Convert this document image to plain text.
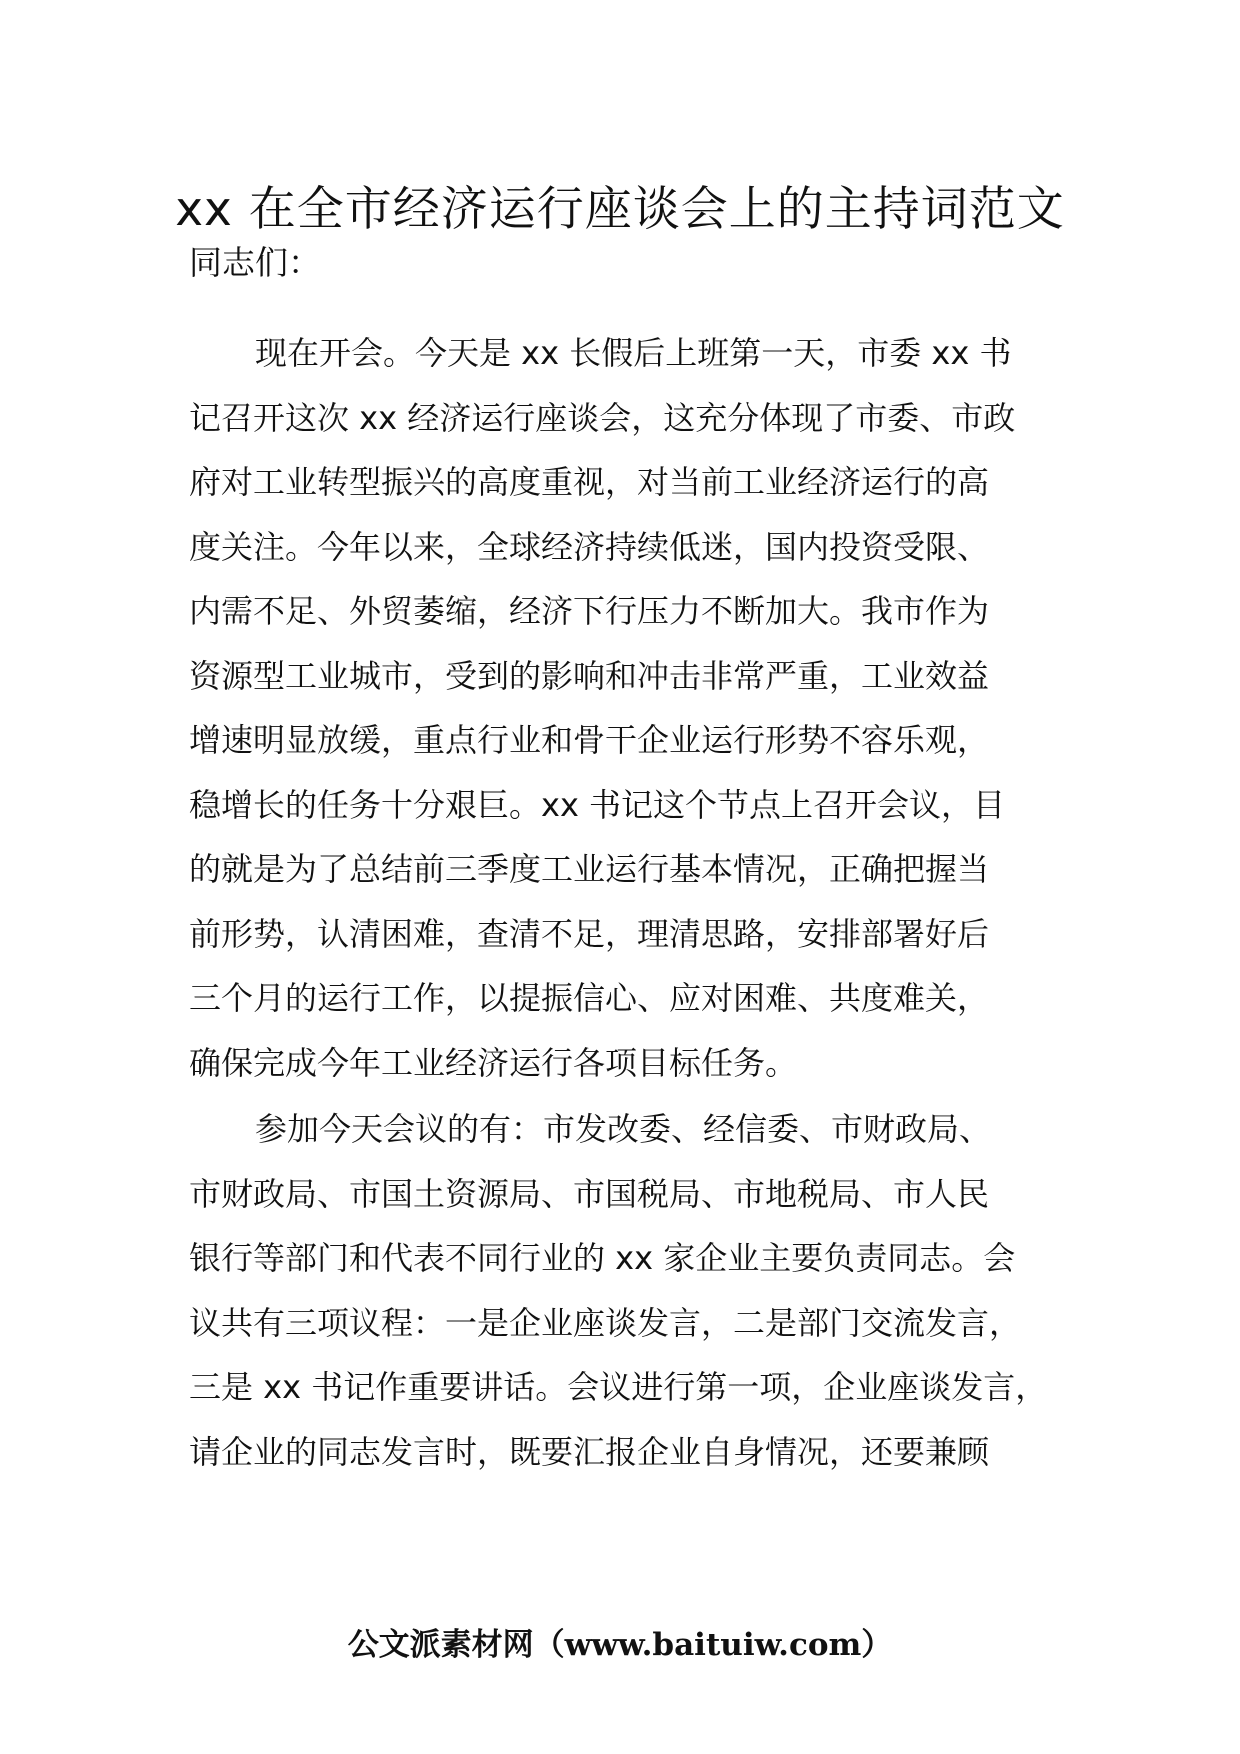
xx 在全市经济运行座谈会上的主持词范文

同志们：

现在开会。今天是 xx 长假后上班第一天，市委 xx 书
记召开这次 xx 经济运行座谈会，这充分体现了市委、市政
府对工业转型振兴的高度重视，对当前工业经济运行的高
度关注。今年以来，全球经济持续低迷，国内投资受限、
内需不足、外贸萎缩，经济下行压力不断加大。我市作为
资源型工业城市，受到的影响和冲击非常严重，工业效益
增速明显放缓，重点行业和骨干企业运行形势不容乐观，
稳增长的任务十分艰巨。xx 书记这个节点上召开会议，目
的就是为了总结前三季度工业运行基本情况，正确把握当
前形势，认清困难，查清不足，理清思路，安排部署好后
三个月的运行工作，以提振信心、应对困难、共度难关，
确保完成今年工业经济运行各项目标任务。
参加今天会议的有：市发改委、经信委、市财政局、
市财政局、市国土资源局、市国税局、市地税局、市人民
银行等部门和代表不同行业的 xx 家企业主要负责同志。会
议共有三项议程：一是企业座谈发言，二是部门交流发言，
三是 xx 书记作重要讲话。会议进行第一项，企业座谈发言，
请企业的同志发言时，既要汇报企业自身情况，还要兼顾

公文派素材网（www.baituiw.com）
